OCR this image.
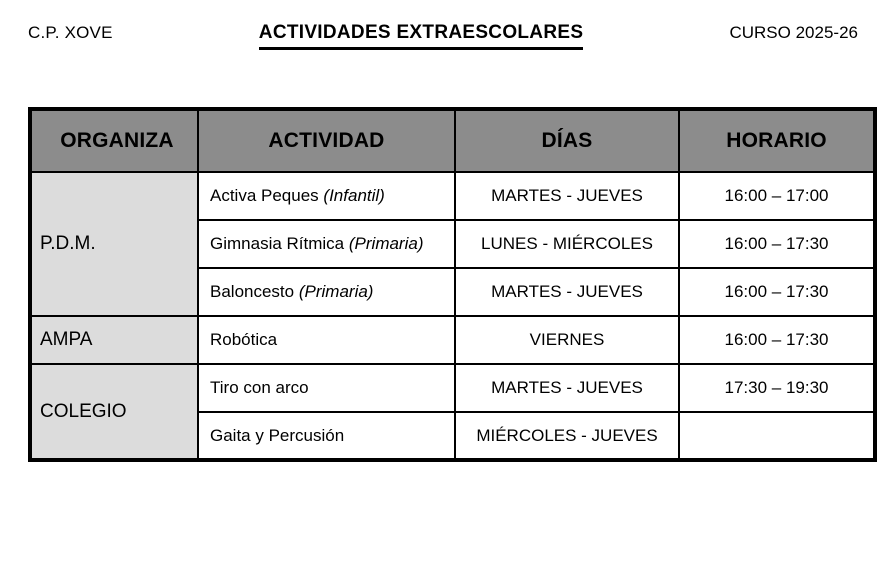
C.P. XOVE	ACTIVIDADES EXTRAESCOLARES	CURSO 2025-26
ORGANIZA	ACTIVIDAD	DÍAS	HORARIO
P.D.M.	Activa Peques (Infantil)	MARTES - JUEVES	16:00 – 17:00
	Gimnasia Rítmica (Primaria)	LUNES - MIÉRCOLES	16:00 – 17:30
	Baloncesto (Primaria)	MARTES - JUEVES	16:00 – 17:30
AMPA	Robótica	VIERNES	16:00 – 17:30
COLEGIO	Tiro con arco	MARTES - JUEVES	17:30 – 19:30
	Gaita y Percusión	MIÉRCOLES - JUEVES	
